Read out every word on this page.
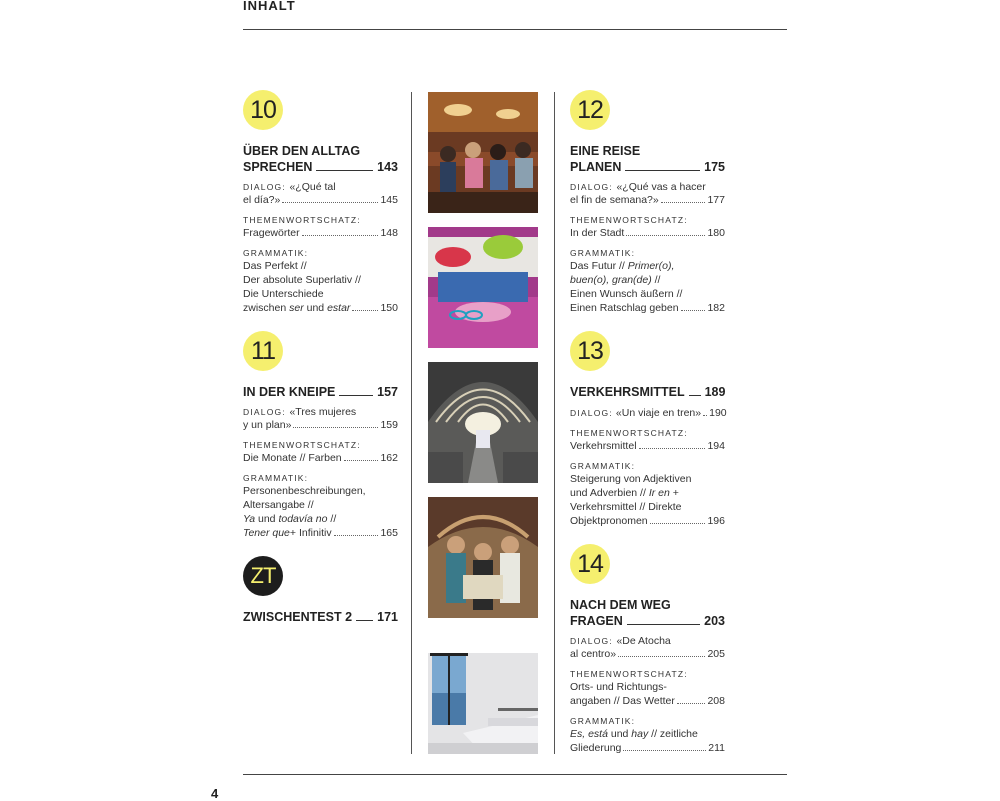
INHALT
4
10
ÜBER DEN ALLTAG
SPRECHEN	143
DIALOG: «¿Qué tal
el día?»	145
THEMENWORTSCHATZ:
Fragewörter	148
GRAMMATIK:
Das Perfekt //
Der absolute Superlativ //
Die Unterschiede
zwischen
ser
und
estar	150
11
IN DER KNEIPE	157
DIALOG: «Tres mujeres
y un plan»	159
THEMENWORTSCHATZ:
Die Monate // Farben	162
GRAMMATIK:
Personenbeschreibungen,
Altersangabe //
Ya und todavía no //
Tener que + Infinitiv	165
ZT
ZWISCHENTEST 2 171
12
EINE REISE
PLANEN	175
DIALOG: «¿Qué vas a hacer
el fin de semana?»	177
THEMENWORTSCHATZ:
In der Stadt	180
GRAMMATIK:
Das Futur // Primer(o),
buen(o), gran(de) //
Einen Wunsch äußern //
Einen Ratschlag geben	182
13
VERKEHRSMITTEL 189
DIALOG: «Un viaje en tren» 190
THEMENWORTSCHATZ:
Verkehrsmittel	194
GRAMMATIK:
Steigerung von Adjektiven
und Adverbien // Ir en +
Verkehrsmittel // Direkte
Objektpronomen	196
14
NACH DEM WEG
FRAGEN	203
DIALOG: «De Atocha
al centro»	205
THEMENWORTSCHATZ:
Orts- und Richtungs-
angaben // Das Wetter	208
GRAMMATIK:
Es, está und hay // zeitliche
Gliederung	211
